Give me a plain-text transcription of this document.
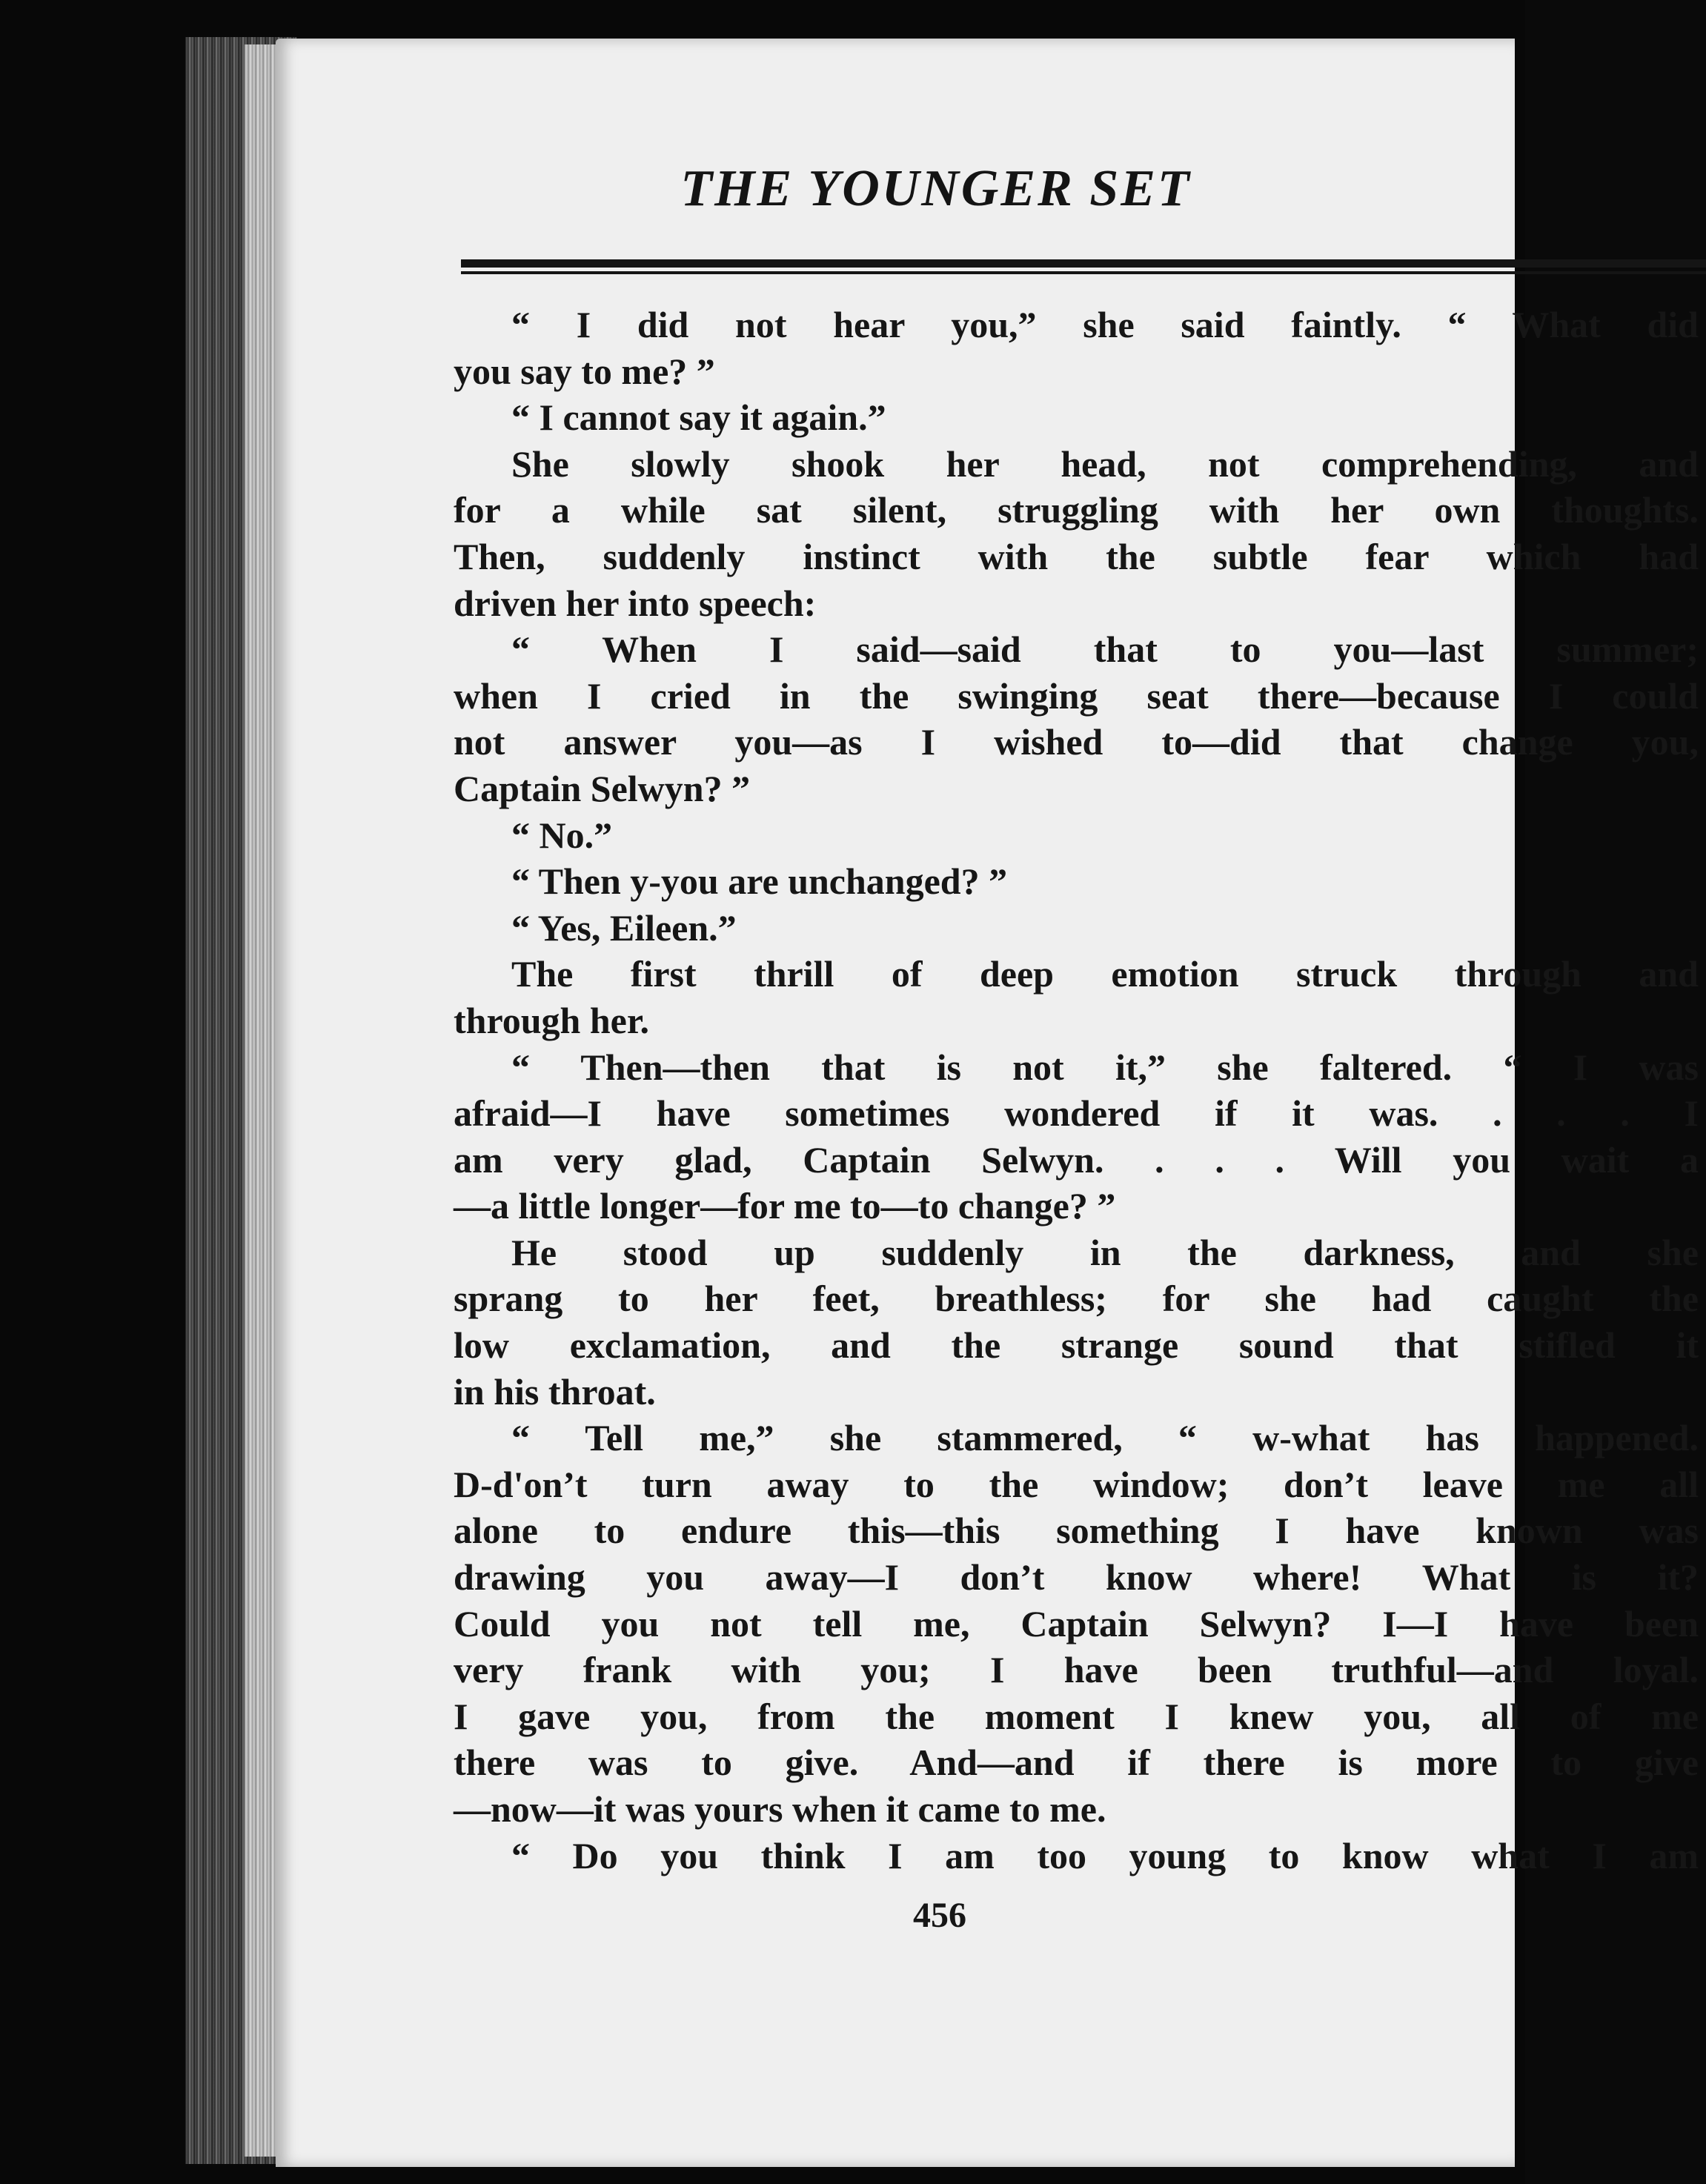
THE YOUNGER SET
“ I did not hear you,” she said faintly. “ What did
you say to me? ”
“ I cannot say it again.”
She slowly shook her head, not comprehending, and
for a while sat silent, struggling with her own thoughts.
Then, suddenly instinct with the subtle fear which had
driven her into speech:
“ When I said—said that to you—last summer;
when I cried in the swinging seat there—because I could
not answer you—as I wished to—did that change you,
Captain Selwyn? ”
“ No.”
“ Then y-you are unchanged? ”
“ Yes, Eileen.”
The first thrill of deep emotion struck through and
through her.
“ Then—then that is not it,” she faltered. “ I was
afraid—I have sometimes wondered if it was. . . . I
am very glad, Captain Selwyn. . . . Will you wait a
—a little longer—for me to—to change? ”
He stood up suddenly in the darkness, and she
sprang to her feet, breathless; for she had caught the
low exclamation, and the strange sound that stifled it
in his throat.
“ Tell me,” she stammered, “ w-what has happened.
D-d'on’t turn away to the window; don’t leave me all
alone to endure this—this something I have known was
drawing you away—I don’t know where! What is it?
Could you not tell me, Captain Selwyn? I—I have been
very frank with you; I have been truthful—and loyal.
I gave you, from the moment I knew you, all of me
there was to give. And—and if there is more to give
—now—it was yours when it came to me.
“ Do you think I am too young to know what I am
456
